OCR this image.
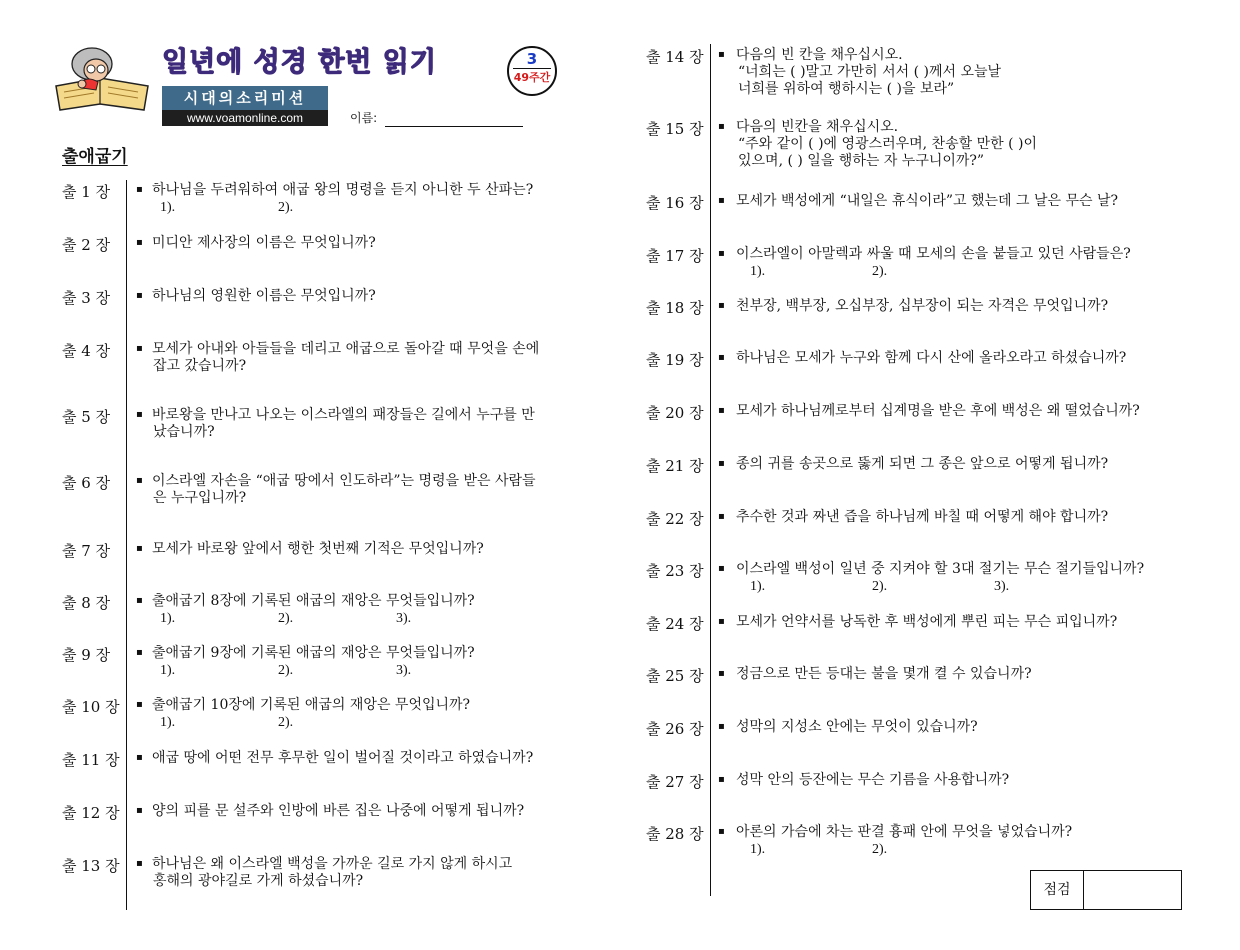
일년에 성경 한번 읽기	3
49주간
시대의소리미션
www.voamonline.com	이름:
출애굽기
출 1 장	▪ 하나님을 두려워하여 애굽 왕의 명령을 듣지 아니한 두 산파는?
1).	2).
출 2 장	▪ 미디안 제사장의 이름은 무엇입니까?
출 3 장	▪ 하나님의 영원한 이름은 무엇입니까?
출 4 장	▪ 모세가 아내와 아들들을 데리고 애굽으로 돌아갈 때 무엇을 손에
잡고 갔습니까?
출 5 장	▪ 바로왕을 만나고 나오는 이스라엘의 패장들은 길에서 누구를 만
났습니까?
출 6 장	▪ 이스라엘 자손을 “애굽 땅에서 인도하라”는 명령을 받은 사람들
은 누구입니까?
출 7 장	▪ 모세가 바로왕 앞에서 행한 첫번째 기적은 무엇입니까?
출 8 장	▪ 출애굽기 8장에 기록된 애굽의 재앙은 무엇들입니까?
1).	2).	3).
출 9 장	▪ 출애굽기 9장에 기록된 애굽의 재앙은 무엇들입니까?
1).	2).	3).
출 10 장 ▪ 출애굽기 10장에 기록된 애굽의 재앙은 무엇입니까?
1).	2).
출 11 장 ▪ 애굽 땅에 어떤 전무 후무한 일이 벌어질 것이라고 하였습니까?
출 12 장 ▪ 양의 피를 문 설주와 인방에 바른 집은 나중에 어떻게 됩니까?
출 13 장 ▪ 하나님은 왜 이스라엘 백성을 가까운 길로 가지 않게 하시고
홍해의 광야길로 가게 하셨습니까?
출 14 장 ▪ 다음의 빈 칸을 채우십시오.
“너희는 ( )말고 가만히 서서 ( )께서 오늘날
너희를 위하여 행하시는 ( )을 보라”
출 15 장 ▪ 다음의 빈칸을 채우십시오.
“주와 같이 ( )에 영광스러우며, 찬송할 만한 ( )이
있으며, ( ) 일을 행하는 자 누구니이까?”
출 16 장 ▪ 모세가 백성에게 “내일은 휴식이라”고 했는데 그 날은 무슨 날?
출 17 장 ▪ 이스라엘이 아말렉과 싸울 때 모세의 손을 붙들고 있던 사람들은?
1).	2).
출 18 장 ▪ 천부장, 백부장, 오십부장, 십부장이 되는 자격은 무엇입니까?
출 19 장 ▪ 하나님은 모세가 누구와 함께 다시 산에 올라오라고 하셨습니까?
출 20 장 ▪ 모세가 하나님께로부터 십계명을 받은 후에 백성은 왜 떨었습니까?
출 21 장 ▪ 종의 귀를 송곳으로 뚫게 되면 그 종은 앞으로 어떻게 됩니까?
출 22 장 ▪ 추수한 것과 짜낸 즙을 하나님께 바칠 때 어떻게 해야 합니까?
출 23 장 ▪ 이스라엘 백성이 일년 중 지켜야 할 3대 절기는 무슨 절기들입니까?
1).	2).	3).
출 24 장 ▪ 모세가 언약서를 낭독한 후 백성에게 뿌린 피는 무슨 피입니까?
출 25 장 ▪ 정금으로 만든 등대는 불을 몇개 켤 수 있습니까?
출 26 장 ▪ 성막의 지성소 안에는 무엇이 있습니까?
출 27 장 ▪ 성막 안의 등잔에는 무슨 기름을 사용합니까?
출 28 장 ▪ 아론의 가슴에 차는 판결 흉패 안에 무엇을 넣었습니까?
1).	2).
점검
